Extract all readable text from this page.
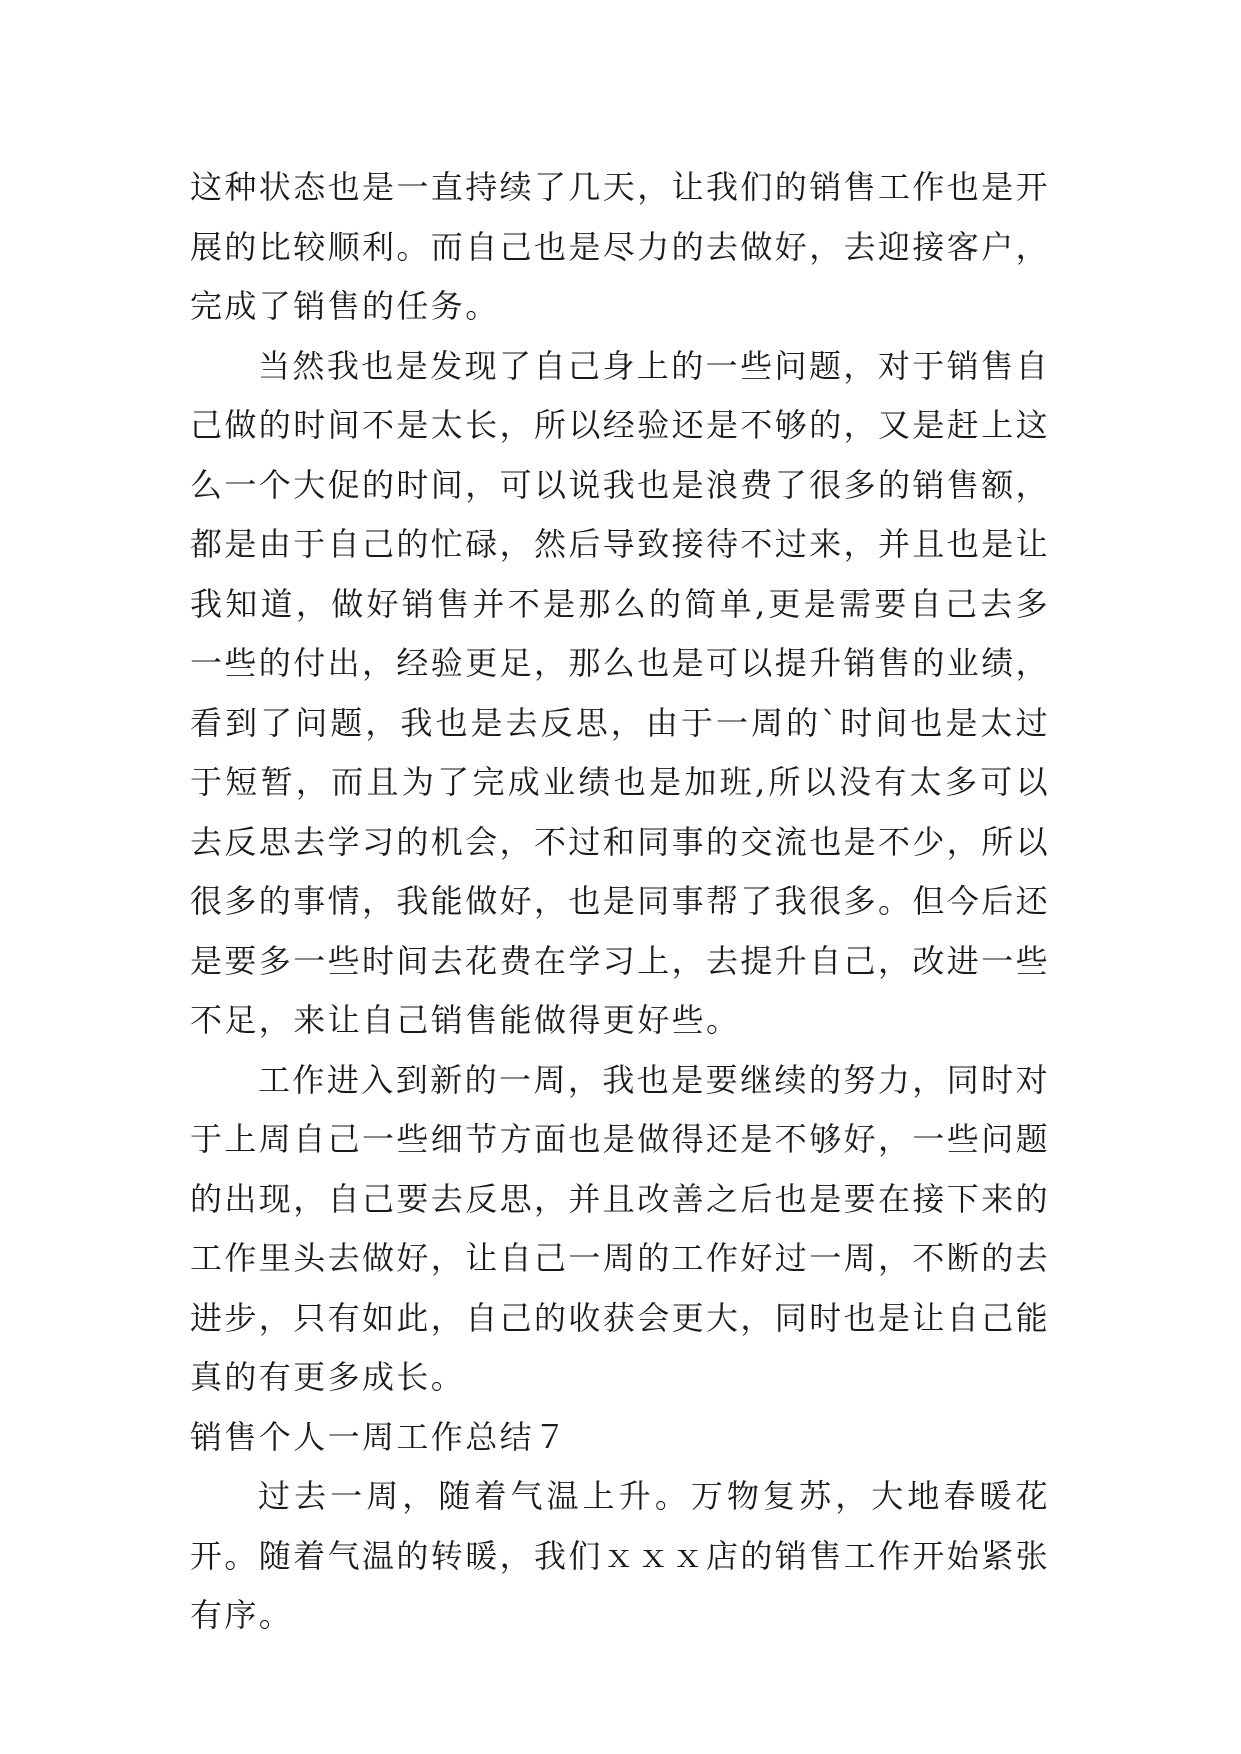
这种状态也是一直持续了几天，让我们的销售工作也是开展的比较顺利。而自己也是尽力的去做好，去迎接客户，完成了销售的任务。

当然我也是发现了自己身上的一些问题，对于销售自己做的时间不是太长，所以经验还是不够的，又是赶上这么一个大促的时间，可以说我也是浪费了很多的销售额，都是由于自己的忙碌，然后导致接待不过来，并且也是让我知道，做好销售并不是那么的简单,更是需要自己去多一些的付出，经验更足，那么也是可以提升销售的业绩，看到了问题，我也是去反思，由于一周的`时间也是太过于短暂，而且为了完成业绩也是加班,所以没有太多可以去反思去学习的机会，不过和同事的交流也是不少，所以很多的事情，我能做好，也是同事帮了我很多。但今后还是要多一些时间去花费在学习上，去提升自己，改进一些不足，来让自己销售能做得更好些。

工作进入到新的一周，我也是要继续的努力，同时对于上周自己一些细节方面也是做得还是不够好，一些问题的出现，自己要去反思，并且改善之后也是要在接下来的工作里头去做好，让自己一周的工作好过一周，不断的去进步，只有如此，自己的收获会更大，同时也是让自己能真的有更多成长。

销售个人一周工作总结７

过去一周，随着气温上升。万物复苏，大地春暖花开。随着气温的转暖，我们ｘｘｘ店的销售工作开始紧张有序。
